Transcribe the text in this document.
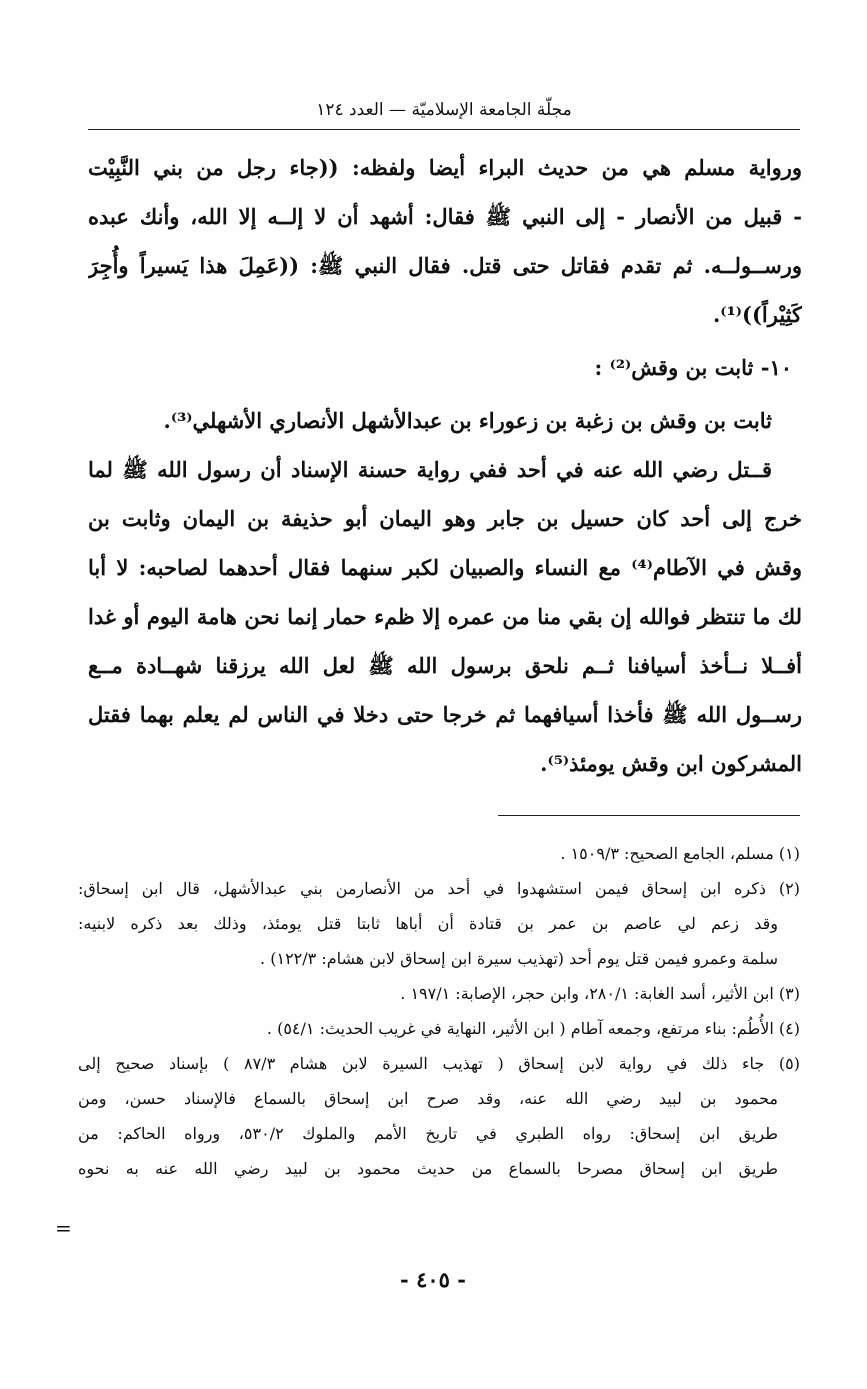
مجلّة الجامعة الإسلاميّة — العدد ١٢٤
ورواية مسلم هي من حديث البراء أيضا ولفظه: ((جاء رجل من بني النَّبِيْت
- قبيل من الأنصار - إلى النبي ﷺ فقال: أشهد أن لا إلــه إلا الله، وأنك عبده
ورســولــه. ثم تقدم فقاتل حتى قتل. فقال النبي ﷺ: ((عَمِلَ هذا يَسيراً وأُجِرَ
كَثِيْراً))⁽¹⁾.
١٠- ثابت بن وقش⁽²⁾ :
ثابت بن وقش بن زغبة بن زعوراء بن عبدالأشهل الأنصاري الأشهلي⁽³⁾.
قــتل رضي الله عنه في أحد ففي رواية حسنة الإسناد أن رسول الله ﷺ لما
خرج إلى أحد كان حسيل بن جابر وهو اليمان أبو حذيفة بن اليمان وثابت بن
وقش في الآطام⁽⁴⁾ مع النساء والصبيان لكبر سنهما فقال أحدهما لصاحبه: لا أبا
لك ما تنتظر فوالله إن بقي منا من عمره إلا ظمء حمار إنما نحن هامة اليوم أو غدا
أفــلا نــأخذ أسيافنا ثــم نلحق برسول الله ﷺ لعل الله يرزقنا شهــادة مــع
رســول الله ﷺ فأخذا أسيافهما ثم خرجا حتى دخلا في الناس لم يعلم بهما فقتل
المشركون ابن وقش يومئذ⁽⁵⁾.
(١) مسلم، الجامع الصحيح: ١٥٠٩/٣ .
(٢) ذكره ابن إسحاق فيمن استشهدوا في أحد من الأنصارمن بني عبدالأشهل، قال ابن إسحاق:
وقد زعم لي عاصم بن عمر بن قتادة أن أباها ثابتا قتل يومئذ، وذلك بعد ذكره لابنيه:
سلمة وعمرو فيمن قتل يوم أحد (تهذيب سيرة ابن إسحاق لابن هشام: ١٢٢/٣) .
(٣) ابن الأثير، أسد الغابة: ٢٨٠/١، وابن حجر، الإصابة: ١٩٧/١ .
(٤) الأُطُم: بناء مرتفع، وجمعه آطام ( ابن الأثير، النهاية في غريب الحديث: ٥٤/١) .
(٥) جاء ذلك في رواية لابن إسحاق ( تهذيب السيرة لابن هشام ٨٧/٣ ) بإسناد صحيح إلى
محمود بن لبيد رضي الله عنه، وقد صرح ابن إسحاق بالسماع فالإسناد حسن، ومن
طريق ابن إسحاق: رواه الطبري في تاريخ الأمم والملوك ٥٣٠/٢، ورواه الحاكم: من
طريق ابن إسحاق مصرحا بالسماع من حديث محمود بن لبيد رضي الله عنه به نحوه
=
- ٤٠٥ -
